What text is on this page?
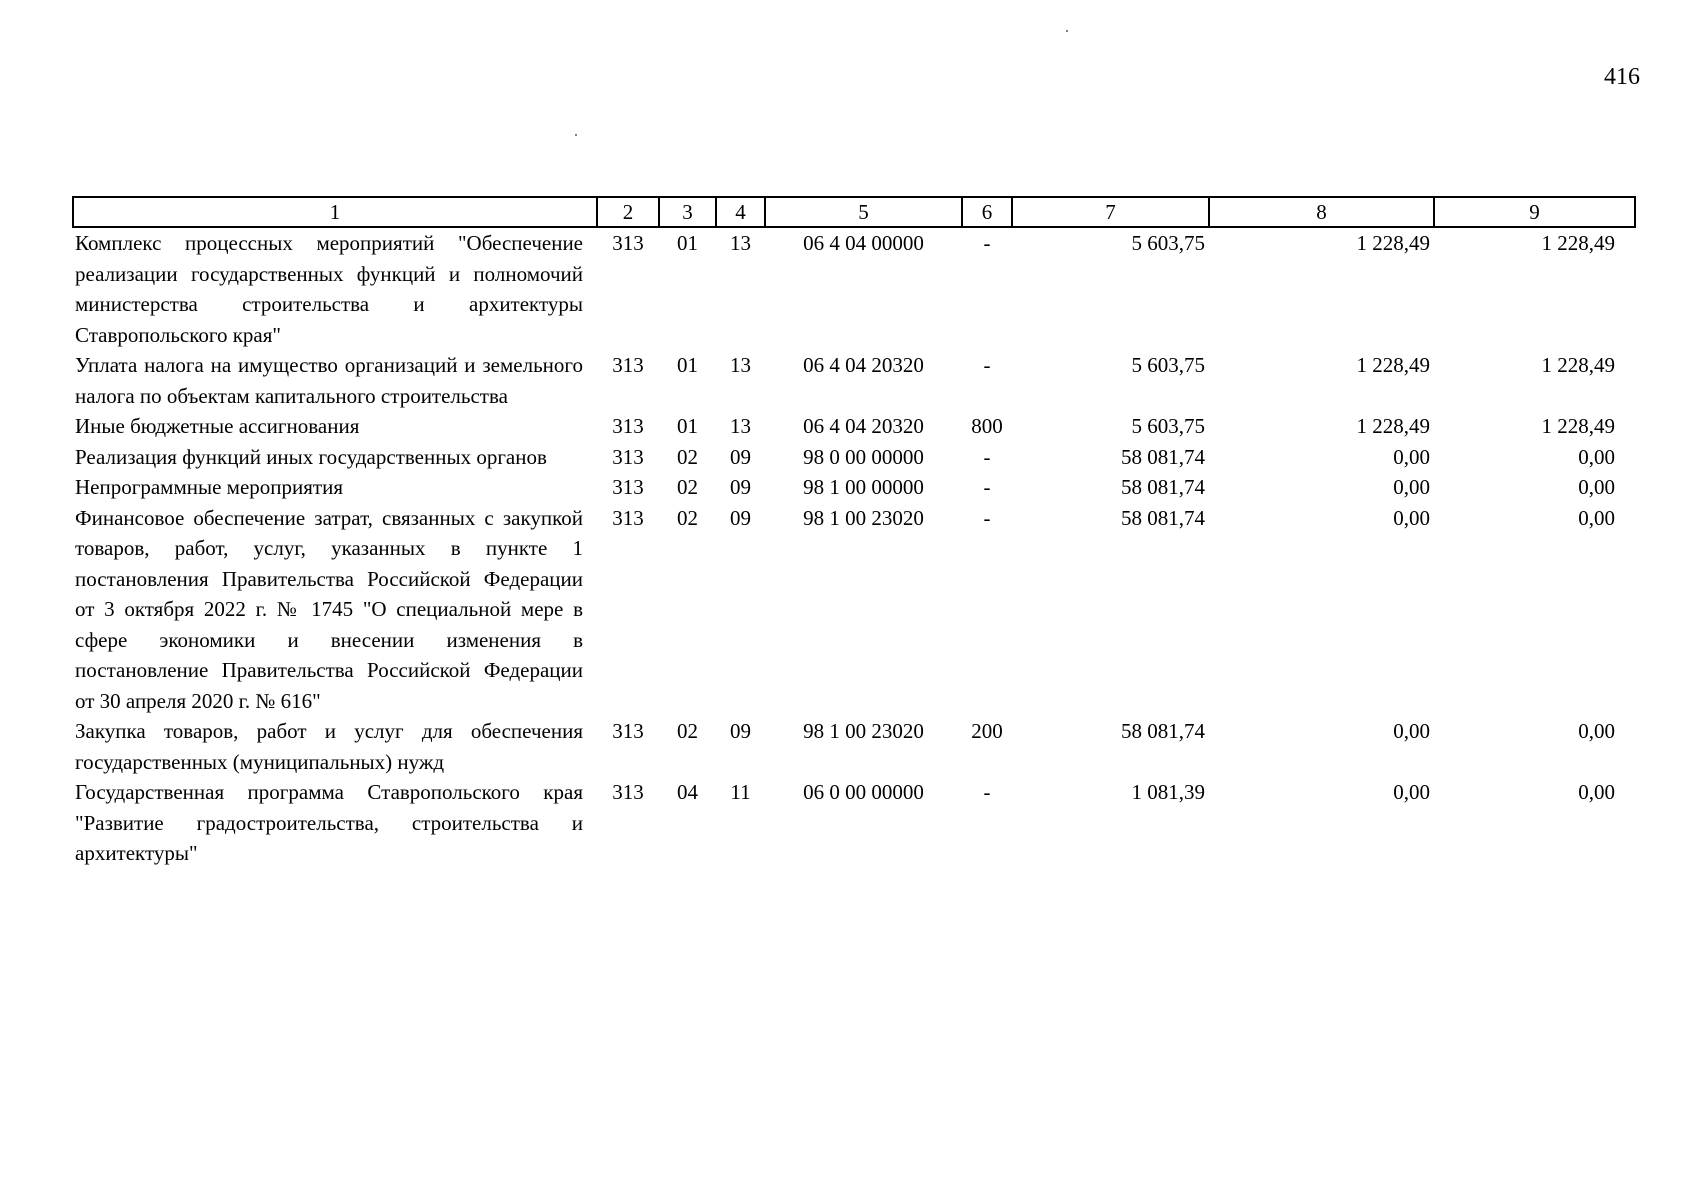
416
1	2	3	4	5	6	7	8	9
Комплекс процессных мероприятий "Обеспечение реализации государственных функций и полномочий министерства строительства и архитектуры Ставропольского края"	313	01	13	06 4 04 00000	-	5 603,75	1 228,49	1 228,49
Уплата налога на имущество организаций и земельного налога по объектам капитального строительства	313	01	13	06 4 04 20320	-	5 603,75	1 228,49	1 228,49
Иные бюджетные ассигнования	313	01	13	06 4 04 20320	800	5 603,75	1 228,49	1 228,49
Реализация функций иных государственных органов	313	02	09	98 0 00 00000	-	58 081,74	0,00	0,00
Непрограммные мероприятия	313	02	09	98 1 00 00000	-	58 081,74	0,00	0,00
Финансовое обеспечение затрат, связанных с закупкой товаров, работ, услуг, указанных в пункте 1 постановления Правительства Российской Федерации от 3 октября 2022 г. № 1745 "О специальной мере в сфере экономики и внесении изменения в постановление Правительства Российской Федерации от 30 апреля 2020 г. № 616"	313	02	09	98 1 00 23020	-	58 081,74	0,00	0,00
Закупка товаров, работ и услуг для обеспечения государственных (муниципальных) нужд	313	02	09	98 1 00 23020	200	58 081,74	0,00	0,00
Государственная программа Ставропольского края "Развитие градостроительства, строительства и архитектуры"	313	04	11	06 0 00 00000	-	1 081,39	0,00	0,00
